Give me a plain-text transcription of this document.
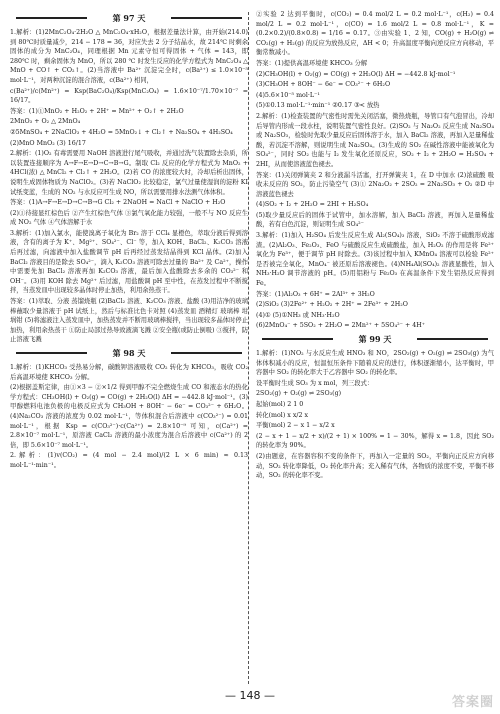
第 97 天
1.解析：(1)2MnC₂O₄·2H₂O △ MnC₂O₄·xH₂O，根据差量法计算，由开始(214.0)到 80℃时质量减少，214 − 178 = 36，对应失去 2 分子结晶水，故 214℃ 时剩余固体的成分为 MnC₂O₄，同理根据 Mn 元素守恒可得固体 + 气体 = 143，即 280℃ 时，剩余固体为 MnO，所以 280 ℃ 时发生反应的化学方程式为 MnC₂O₄ △ MnO + CO↑ + CO₂↑。(2)当溶液中 Ba²⁺ 沉淀完全时，c(Ba²⁺) ≤ 1.0×10⁻⁵ mol·L⁻¹，对两种沉淀的混合溶液，c(Ba²⁺) 相同，
c(Ba²⁺)/c(Mn²⁺) = Ksp(BaC₂O₄)/Ksp(MnC₂O₄) = 1.6×10⁻⁷/1.70×10⁻⁷ = 16/17。
答案：(1)①MnO₂ + H₂O₂ + 2H⁺ = Mn²⁺ + O₂↑ + 2H₂O
2MnO₃ + O₂ △ 2MnO₄
②5MnSO₄ + 2NaClO₃ + 4H₂O = 5MnO₂↓ + Cl₂↑ + Na₂SO₄ + 4H₂SO₄
(2)MnO MnO₂ (3) 16/17
2.解析：(1)O₂ 有毒需要用 NaOH 溶液进行尾气吸收，并通过洗气装置除去杂质，所以装置连接顺序为 A→F→E→D→C→B→G。制取 Cl₂ 反应的化学方程式为 MnO₂ + 4HCl(浓) △ MnCl₂ + Cl₂↑ + 2H₂O。(2)若 CO 的浓度较大时，冷却后析出固体，说明生成固体物质为 NaClO₂。(3)若 NaClO₂ 比较稳定，氯气过量使湿润的淀粉 KI 试纸变蓝，生成的 NO₂ 与水反应可生成 NO，所以需要用排水法测气体体积。
答案：(1)A→F→E→D→C→B→G Cl₂ + 2NaOH = NaCl + NaClO + H₂O
(2)①待接显红棕色后 ②产生红棕色气体 ③氯气氧化能力较强，一般不与 NO 反应生成 NO₂ 气体 ④气体溶解于水
3.解析：(1)加入氯水，能使溴离子氧化为 Br₂ 溶于 CCl₄ 显橙色，萃取分液后得到溶液，含有的离子为 K⁺、Mg²⁺、SO₄²⁻、Cl⁻ 等，加入 KOH、BaCl₂、K₂CO₃ 溶液后再过滤，向滤液中加入盐酸调节 pH 后再经过蒸发结晶得到 KCl 晶体。(2)加入 BaCl₂ 溶液目的是除去 SO₄²⁻，滴入 K₂CO₃ 溶液可除去过量的 Ba²⁺ 及 Ca²⁺，操作中需要先加 BaCl₂ 溶液再加 K₂CO₃ 溶液，最后加入盐酸除去多余的 CO₃²⁻ 和 OH⁻。(3)用 KOH 除去 Mg²⁺ 后过滤，用盐酸调 pH 至中性，在蒸发过程中不断搅拌，当蒸发皿中出现较多晶体时停止加热，利用余热蒸干。
答案：(1)萃取、分液 蒸馏烧瓶 (2)BaCl₂ 溶液、K₂CO₃ 溶液、盐酸 (3)用洁净的玻璃棒蘸取少量溶液于 pH 试纸上，然后与标准比色卡对照 (4)蒸发皿 酒精灯 玻璃棒 坩埚钳 (5)将滤液注入蒸发皿中，加热蒸发并不断用玻璃棒搅拌，当出现较多晶体时停止加热，利用余热蒸干 ①防止局部过热导致液滴飞溅 ②安全瓶(或防止倒吸) ③搅拌，防止溶液飞溅
第 98 天
1.解析：(1)KHCO₃ 受热易分解，碳酸钾溶液吸收 CO₂ 转化为 KHCO₃，吸收 CO₂ 后高温环境使 KHCO₃ 分解。
(2)根据盖斯定律，由①×3 − ②×1/2 得到甲醇不完全燃烧生成 CO 和液态水的热化学方程式：CH₃OH(l) + O₂(g) = CO(g) + 2H₂O(l) ΔH = −442.8 kJ·mol⁻¹。(3)甲醇燃料电池负极的电极反应式为 CH₃OH + 8OH⁻ − 6e⁻ = CO₃²⁻ + 6H₂O。(4)Na₂CO₃ 溶液的浓度为 0.02 mol·L⁻¹，等体积混合后溶液中 c(CO₃²⁻) = 0.01 mol·L⁻¹，根据 Ksp = c(CO₃²⁻)·c(Ca²⁺) = 2.8×10⁻⁹ 可知，c(Ca²⁺) = 2.8×10⁻⁷ mol·L⁻¹，原溶液 CaCl₂ 溶液的最小浓度为混合后溶液中 c(Ca²⁺) 的 2 倍，即 5.6×10⁻⁷ mol·L⁻¹。
2.解析：(1)v(CO₂) = (4 mol − 2.4 mol)/(2 L × 6 min) ≈ 0.13 mol·L⁻¹·min⁻¹。
②实验 2 达到平衡时，c(CO₂) = 0.4 mol/2 L = 0.2 mol·L⁻¹，c(H₂) = 0.4 mol/2 L = 0.2 mol·L⁻¹，c(CO) = 1.6 mol/2 L = 0.8 mol·L⁻¹，K = (0.2×0.2)/(0.8×0.8) = 1/16 ≈ 0.17。③由实验 1、2 知，CO(g) + H₂O(g) ⇌ CO₂(g) + H₂(g) 的反应为放热反应，ΔH < 0；升高温度平衡向逆反应方向移动，平衡常数减小。
答案：(1)提供高温环境使 KHCO₃ 分解
(2)CH₃OH(l) + O₂(g) = CO(g) + 2H₂O(l) ΔH = −442.8 kJ·mol⁻¹
(3)CH₃OH + 8OH⁻ − 6e⁻ = CO₃²⁻ + 6H₂O
(4)5.6×10⁻⁵ mol·L⁻¹
(5)①0.13 mol·L⁻¹·min⁻¹ ②0.17 ③< 放热
2.解析：(1)检查装置的气密性时需先关闭活塞，微热烧瓶，导管口有气泡冒出，冷却后导管内形成一段水柱，说明装置气密性良好。(2)SO₂ 与 Na₂O₂ 反应生成 Na₂SO₄ 或 Na₂SO₃，检验时先取少量反应后固体溶于水，加入 BaCl₂ 溶液，再加入足量稀盐酸，若沉淀不溶解，则说明生成 Na₂SO₄。(3)生成的 SO₂ 在碱性溶液中能被氧化为 SO₄²⁻，同时 SO₂ 也能与 I₂ 发生氧化还原反应，SO₂ + I₂ + 2H₂O = H₂SO₄ + 2HI，从而使溶液蓝色褪去。
答案：(1)关闭弹簧夹 2 和分液漏斗活塞，打开弹簧夹 1，在 D 中加水 (2)浓硫酸 吸收未反应的 SO₂，防止污染空气 (3)① 2Na₂O₂ + 2SO₂ = 2Na₂SO₃ + O₂ ②D 中溶液蓝色褪去
(4)SO₂ + I₂ + 2H₂O = 2HI + H₂SO₄
(5)取少量反应后的固体于试管中，加水溶解，加入 BaCl₂ 溶液，再加入足量稀盐酸，若有白色沉淀，则证明生成 SO₄²⁻
3.解析：(1)加入 H₂SO₄ 后发生反应生成 Al₂(SO₄)₃ 溶液，SiO₂ 不溶于硫酸形成滤渣。(2)Al₂O₃、Fe₂O₃、FeO 与硫酸反应生成硫酸盐，加入 H₂O₂ 的作用是将 Fe²⁺ 氧化为 Fe³⁺，便于调节 pH 时除去。(3)该过程中加入 KMnO₄ 溶液可以检验 Fe²⁺ 是否被完全氧化，MnO₄⁻ 被还原后溶液褪色。(4)NH₄Al(SO₄)₂ 溶液显酸性，加入 NH₃·H₂O 调节溶液的 pH。(5)用铝粉与 Fe₂O₃ 在高温条件下发生铝热反应得到 Fe。
答案：(1)Al₂O₃ + 6H⁺ = 2Al³⁺ + 3H₂O
(2)SiO₂ (3)2Fe²⁺ + H₂O₂ + 2H⁺ = 2Fe³⁺ + 2H₂O
(4)① (5)①NH₃ 或 NH₃·H₂O
(6)2MnO₄⁻ + 5SO₂ + 2H₂O = 2Mn²⁺ + 5SO₄²⁻ + 4H⁺
第 99 天
1.解析：(1)NO₂ 与水反应生成 HNO₃ 和 NO，2SO₂(g) + O₂(g) ⇌ 2SO₃(g) 为气体体积减小的反应，恒温恒压条件下随着反应的进行，体积逐渐缩小，达平衡时，甲容器中 SO₂ 的转化率大于乙容器中 SO₂ 的转化率。
设平衡时生成 SO₃ 为 x mol，列三段式：
2SO₂(g) + O₂(g) ⇌ 2SO₃(g)
起始(mol) 2 1 0
转化(mol) x x/2 x
平衡(mol) 2 − x 1 − x/2 x
(2 − x + 1 − x/2 + x)/(2 + 1) × 100% = 1 − 30%，解得 x = 1.8，因此 SO₂ 的转化率为 90%。
(2)由题意，在容器容积不变的条件下，再加入一定量的 SO₂，平衡向正反应方向移动，SO₂ 转化率降低，O₂ 转化率升高；充入稀有气体，各物质的浓度不变，平衡不移动，SO₂ 的转化率不变。
— 148 —	答案圈
